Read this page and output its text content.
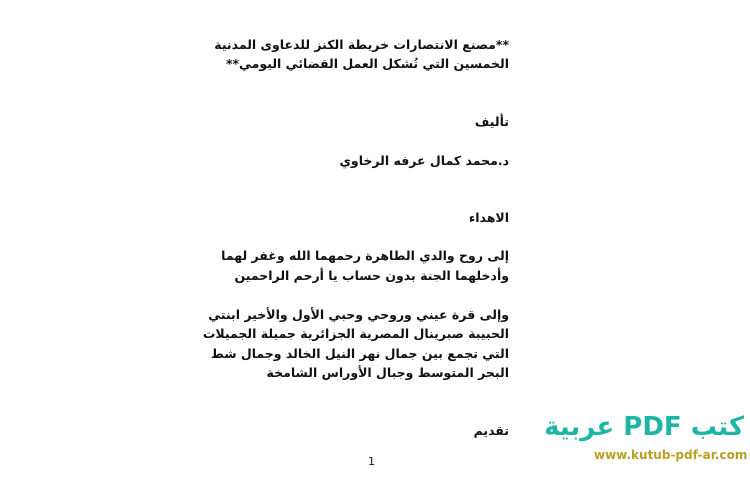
**مصنع الانتصارات خريطة الكنز للدعاوى المدنية
الخمسين التي تُشكل العمل القضائي اليومي**
تأليف
د.محمد كمال عرفه الرخاوي
الاهداء
إلى روح والدي الطاهرة رحمهما الله وغفر لهما
وأدخلهما الجنة بدون حساب يا أرحم الراحمين
وإلى قرة عيني وروحي وحبي الأول والأخير ابنتي
الحبيبة صبرينال المصرية الجزائرية جميلة الجميلات
التي تجمع بين جمال نهر النيل الخالد وجمال شط
البحر المتوسط وجبال الأوراس الشامخة
تقديم
1
كتب PDF عربية
www.kutub-pdf-ar.com
